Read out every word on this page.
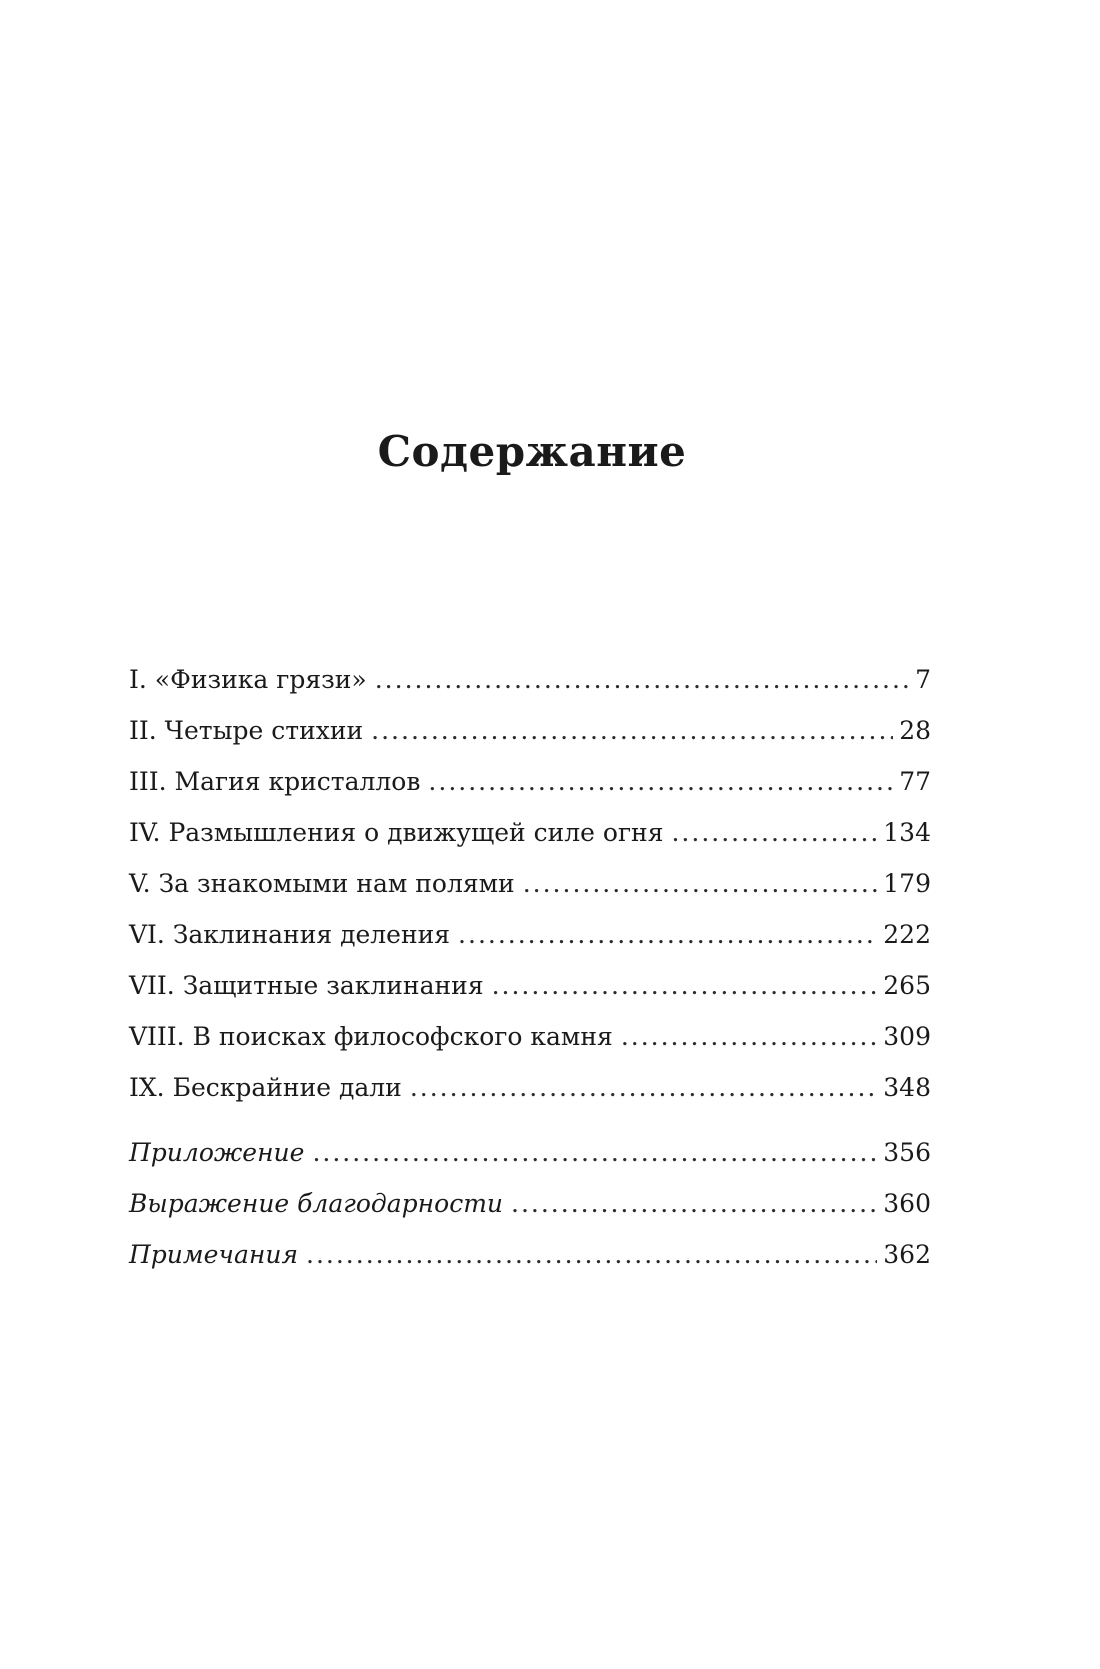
Содержание
I. «Физика грязи» .....	7
II. Четыре стихии .....	28
III. Магия кристаллов .....	77
IV. Размышления о движущей силе огня .....	134
V. За знакомыми нам полями .....	179
VI. Заклинания деления .....	222
VII. Защитные заклинания .....	265
VIII. В поисках философского камня .....	309
IX. Бескрайние дали .....	348
Приложение .....	356
Выражение благодарности .....	360
Примечания .....	362
